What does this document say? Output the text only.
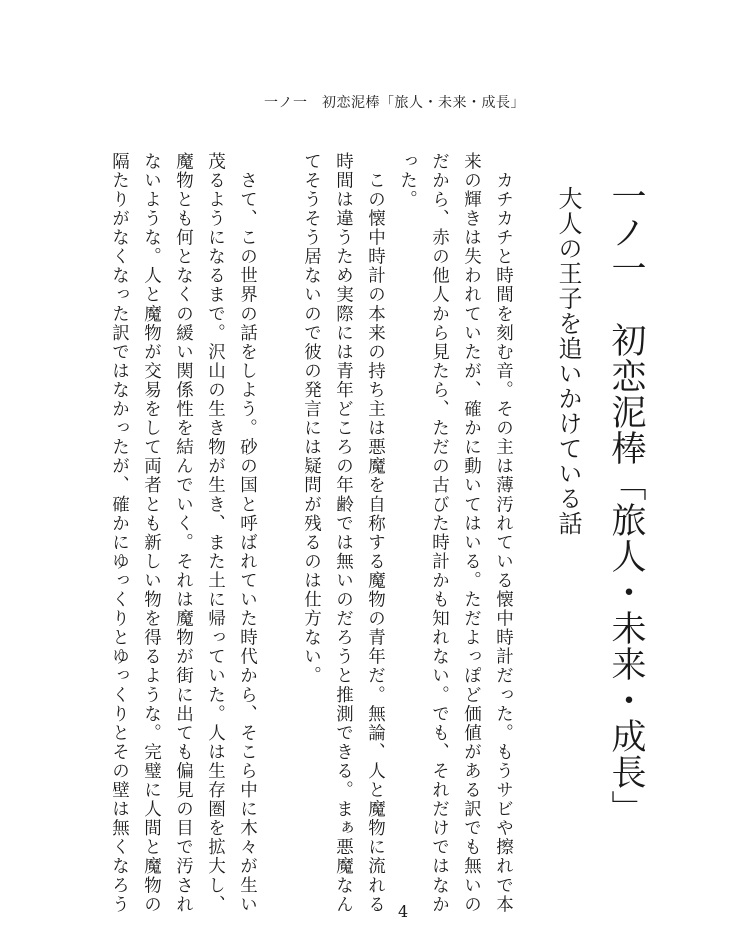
一ノ一　初恋泥棒「旅人・未来・成長」
一ノ一　初恋泥棒「旅人・未来・成長」
大人の王子を追いかけている話
　カチカチと時間を刻む音。その主は薄汚れている懐中時計だった。もうサビや擦れで本
来の輝きは失われていたが、確かに動いてはいる。ただよっぽど価値がある訳でも無いの
だから、赤の他人から見たら、ただの古びた時計かも知れない。でも、それだけではなか
った。
　この懐中時計の本来の持ち主は悪魔を自称する魔物の青年だ。無論、人と魔物に流れる
時間は違うため実際には青年どころの年齢では無いのだろうと推測できる。まぁ悪魔なん
てそうそう居ないので彼の発言には疑問が残るのは仕方ない。
　さて、この世界の話をしよう。砂の国と呼ばれていた時代から、そこら中に木々が生い
茂るようになるまで。沢山の生き物が生き、また土に帰っていた。人は生存圏を拡大し、
魔物とも何となくの緩い関係性を結んでいく。それは魔物が街に出ても偏見の目で汚され
ないような。人と魔物が交易をして両者とも新しい物を得るような。完璧に人間と魔物の
隔たりがなくなった訳ではなかったが、確かにゆっくりとゆっくりとその壁は無くなろう	4
